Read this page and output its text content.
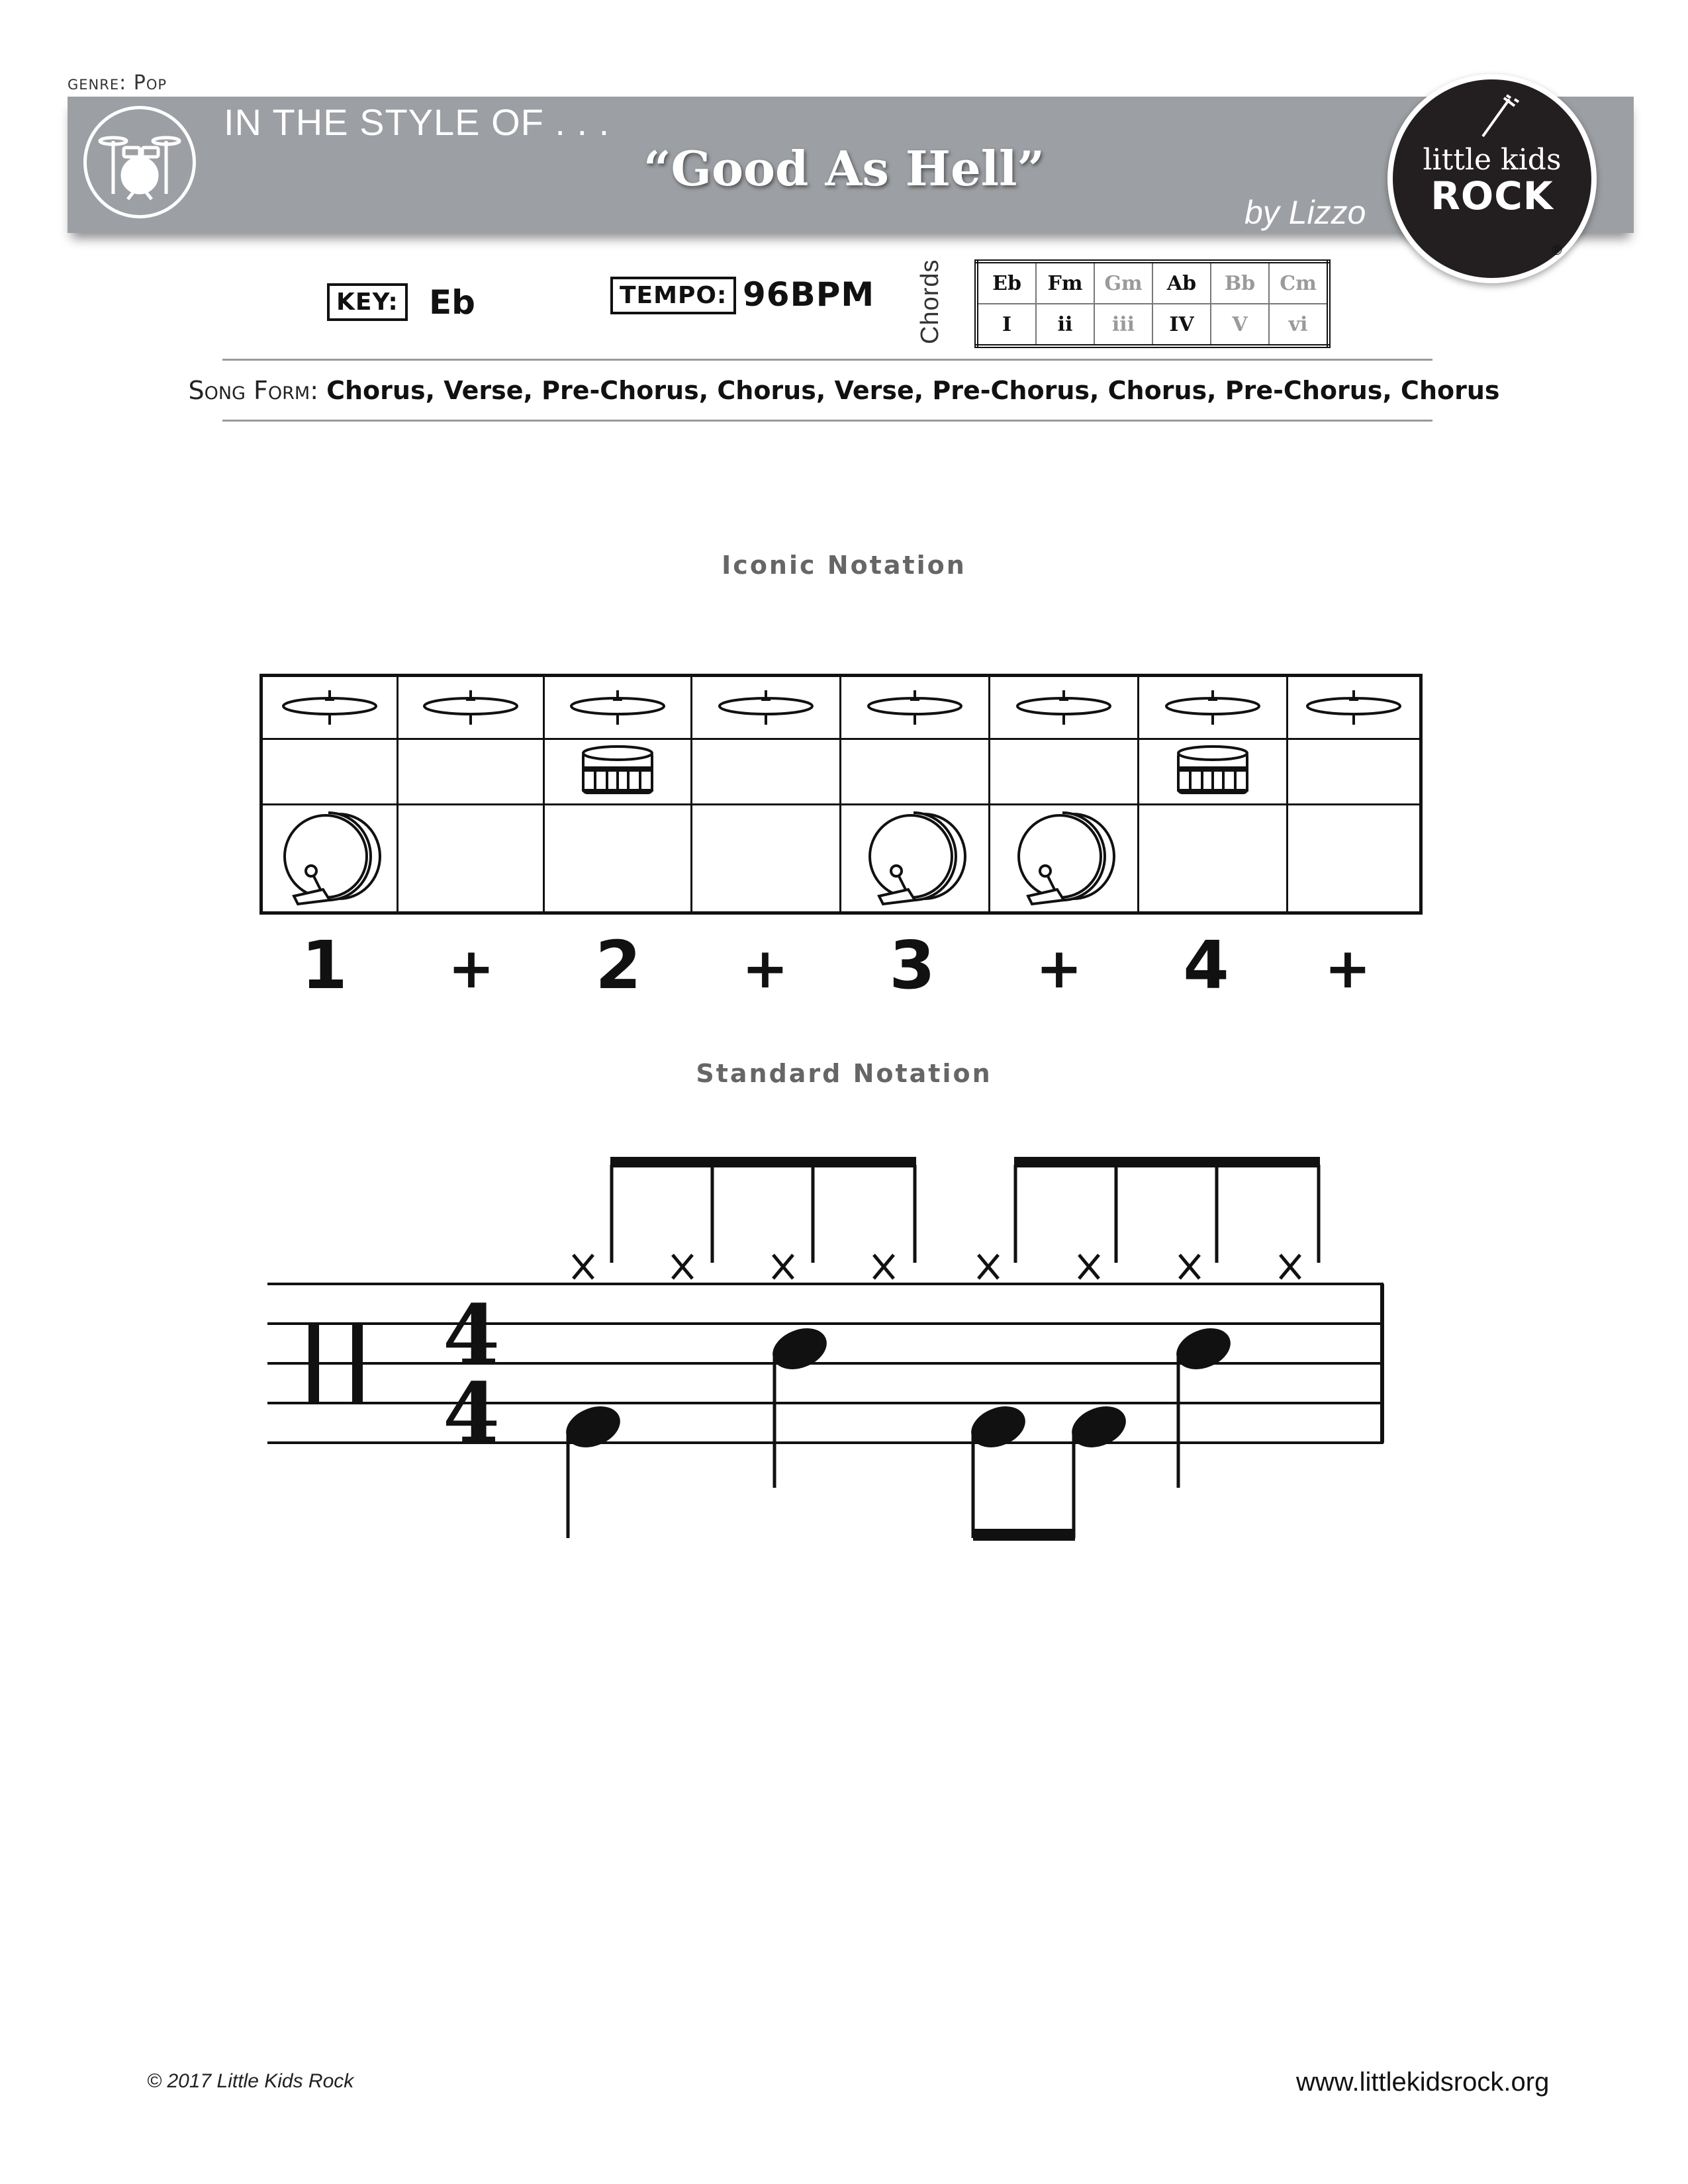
genre: Pop
IN THE STYLE OF . . .
“Good As Hell”
by Lizzo
little kids
ROCK
®
KEY: Eb	TEMPO: 96BPM Chords Eb	Fm	Gm	Ab	Bb	Cm
I	ii	iii	IV	V	vi
Song Form: Chorus, Verse, Pre-Chorus, Chorus, Verse, Pre-Chorus, Chorus, Pre-Chorus, Chorus
Iconic Notation

1 + 2 + 3 + 4 +
Standard Notation
4
4
© 2017 Little Kids Rock	www.littlekidsrock.org
